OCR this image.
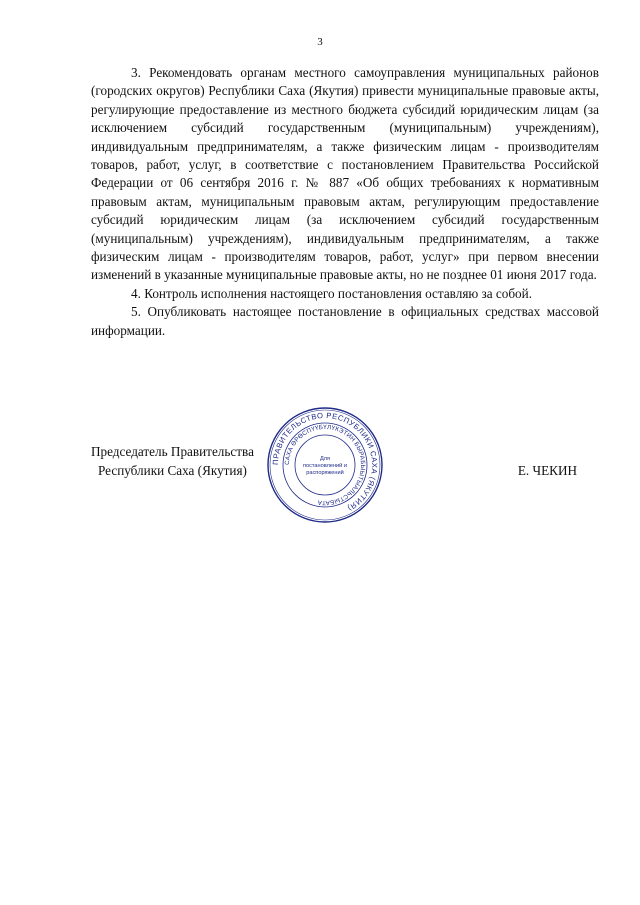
3

3. Рекомендовать органам местного самоуправления муниципальных районов (городских округов) Республики Саха (Якутия) привести муниципальные правовые акты, регулирующие предоставление из местного бюджета субсидий юридическим лицам (за исключением субсидий государственным (муниципальным) учреждениям), индивидуальным предпринимателям, а также физическим лицам - производителям товаров, работ, услуг, в соответствие с постановлением Правительства Российской Федерации от 06 сентября 2016 г. № 887 «Об общих требованиях к нормативным правовым актам, муниципальным правовым актам, регулирующим предоставление субсидий юридическим лицам (за исключением субсидий государственным (муниципальным) учреждениям), индивидуальным предпринимателям, а также физическим лицам - производителям товаров, работ, услуг» при первом внесении изменений в указанные муниципальные правовые акты, но не позднее 01 июня 2017 года.

4. Контроль исполнения настоящего постановления оставляю за собой.

5. Опубликовать настоящее постановление в официальных средствах массовой информации.

Председатель Правительства
Республики Саха (Якутия)	Е. ЧЕКИН
ПРАВИТЕЛЬСТВО РЕСПУБЛИКИ САХА (ЯКУТИЯ)
САХА ӨРӨСПҮҮБҮЛҮКЭТИН БЫРАБЫЫТЫАЛЬСТЫБАТА
Для
постановлений и
распоряжений
